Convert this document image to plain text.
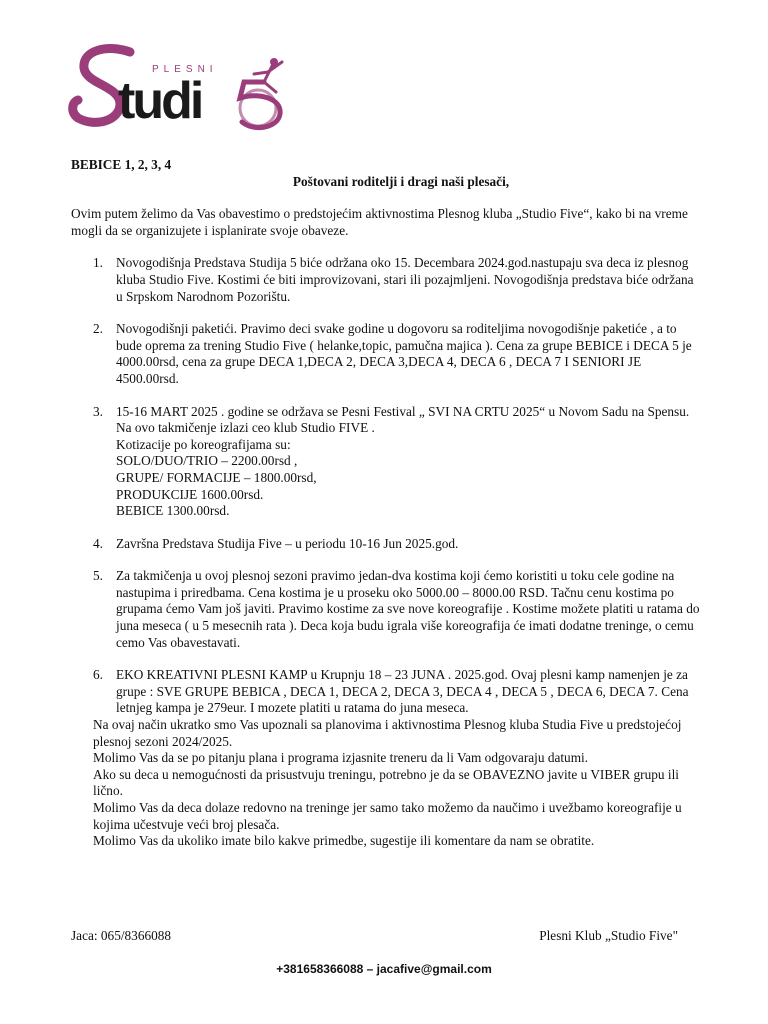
tudi
PLESNI

BEBICE 1, 2, 3, 4

Poštovani roditelji i dragi naši plesači,

Ovim putem želimo da Vas obavestimo o predstojećim aktivnostima Plesnog kluba „Studio Five“, kako bi na vreme mogli da se organizujete i isplanirate svoje obaveze.

1. Novogodišnja Predstava Studija 5 biće održana oko 15. Decembara 2024.god.nastupaju sva deca iz plesnog kluba Studio Five. Kostimi će biti improvizovani, stari ili pozajmljeni. Novogodišnja predstava biće održana u Srpskom Narodnom Pozorištu.
2. Novogodišnji paketići. Pravimo deci svake godine u dogovoru sa roditeljima novogodišnje paketiće , a to bude oprema za trening Studio Five ( helanke,topic, pamučna majica ). Cena za grupe BEBICE i DECA 5 je 4000.00rsd, cena za grupe DECA 1,DECA 2, DECA 3,DECA 4, DECA 6 , DECA 7 I SENIORI JE 4500.00rsd.
3. 15-16 MART 2025 . godine se održava se Pesni Festival „ SVI NA CRTU 2025“ u Novom Sadu na Spensu. Na ovo takmičenje izlazi ceo klub Studio FIVE .
Kotizacije po koreografijama su:
SOLO/DUO/TRIO – 2200.00rsd ,
GRUPE/ FORMACIJE – 1800.00rsd,
PRODUKCIJE 1600.00rsd.
BEBICE 1300.00rsd.
4. Završna Predstava Studija Five – u periodu 10-16 Jun 2025.god.
5. Za takmičenja u ovoj plesnoj sezoni pravimo jedan-dva kostima koji ćemo koristiti u toku cele godine na nastupima i priredbama. Cena kostima je u proseku oko 5000.00 – 8000.00 RSD. Tačnu cenu kostima po grupama ćemo Vam još javiti. Pravimo kostime za sve nove koreografije . Kostime možete platiti u ratama do juna meseca ( u 5 mesecnih rata ). Deca koja budu igrala više koreografija će imati dodatne treninge, o cemu cemo Vas obavestavati.
6. EKO KREATIVNI PLESNI KAMP u Krupnju 18 – 23 JUNA . 2025.god. Ovaj plesni kamp namenjen je za grupe : SVE GRUPE BEBICA , DECA 1, DECA 2, DECA 3, DECA 4 , DECA 5 , DECA 6, DECA 7. Cena letnjeg kampa je 279eur. I mozete platiti u ratama do juna meseca.

Na ovaj način ukratko smo Vas upoznali sa planovima i aktivnostima Plesnog kluba Studia Five u predstojećoj plesnoj sezoni 2024/2025.

Molimo Vas da se po pitanju plana i programa izjasnite treneru da li Vam odgovaraju datumi.

Ako su deca u nemogućnosti da prisustvuju treningu, potrebno je da se OBAVEZNO javite u VIBER grupu ili lično.

Molimo Vas da deca dolaze redovno na treninge jer samo tako možemo da naučimo i uvežbamo koreografije u kojima učestvuje veći broj plesača.

Molimo Vas da ukoliko imate bilo kakve primedbe, sugestije ili komentare da nam se obratite.

Jaca: 065/8366088	Plesni Klub „Studio Five"
+381658366088 – jacafive@gmail.com
